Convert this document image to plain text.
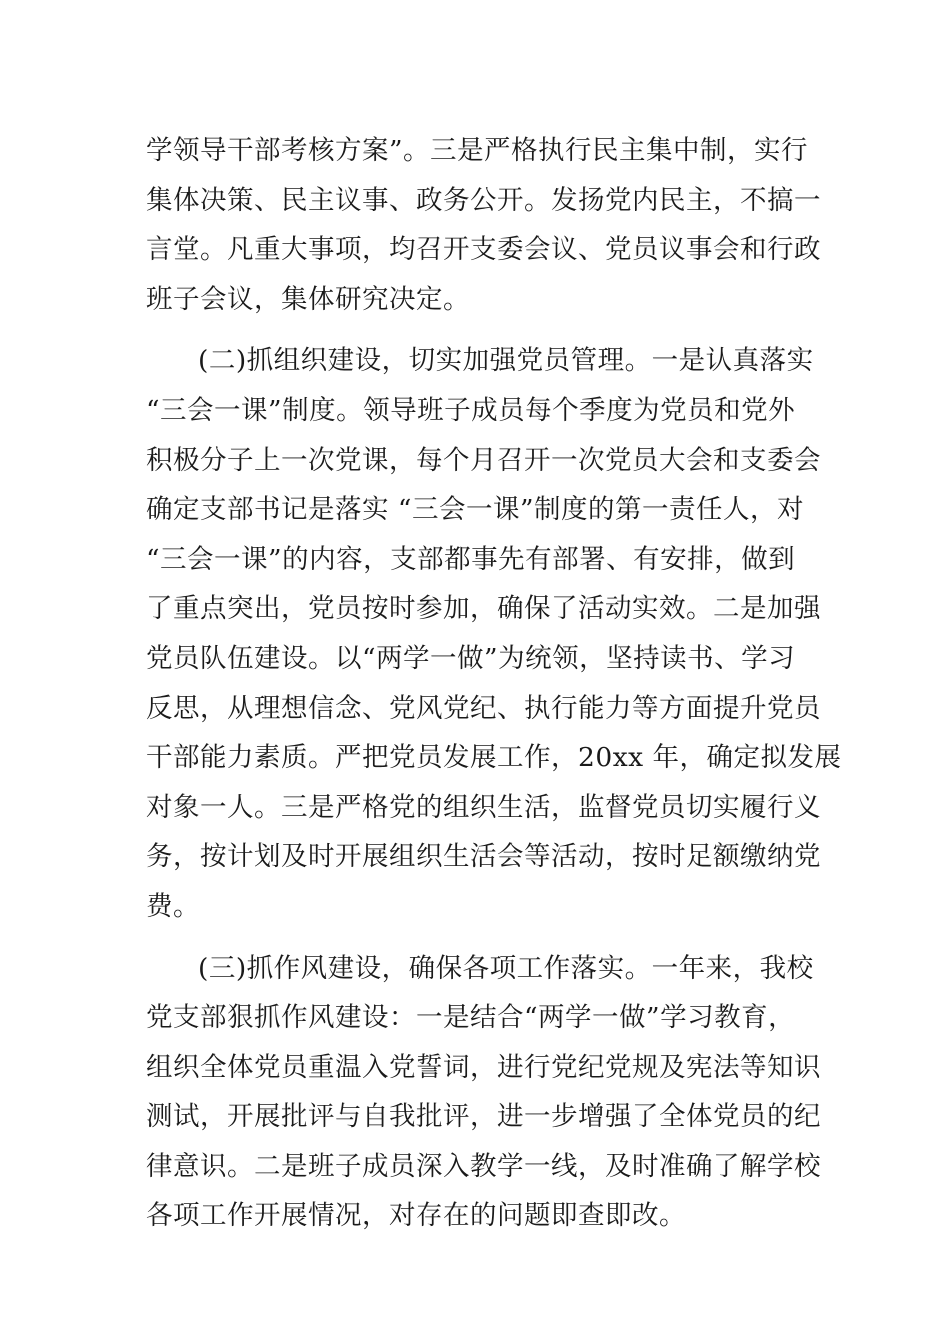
学领导干部考核方案”。三是严格执行民主集中制，实行
集体决策、民主议事、政务公开。发扬党内民主，不搞一
言堂。凡重大事项，均召开支委会议、党员议事会和行政
班子会议，集体研究决定。
(二)抓组织建设，切实加强党员管理。一是认真落实
“三会一课”制度。领导班子成员每个季度为党员和党外
积极分子上一次党课，每个月召开一次党员大会和支委会
确定支部书记是落实 “三会一课”制度的第一责任人，对
“三会一课”的内容，支部都事先有部署、有安排，做到
了重点突出，党员按时参加，确保了活动实效。二是加强
党员队伍建设。以“两学一做”为统领，坚持读书、学习
反思，从理想信念、党风党纪、执行能力等方面提升党员
干部能力素质。严把党员发展工作，20xx 年，确定拟发展
对象一人。三是严格党的组织生活，监督党员切实履行义
务，按计划及时开展组织生活会等活动，按时足额缴纳党
费。
(三)抓作风建设，确保各项工作落实。一年来，我校
党支部狠抓作风建设：一是结合“两学一做”学习教育，
组织全体党员重温入党誓词，进行党纪党规及宪法等知识
测试，开展批评与自我批评，进一步增强了全体党员的纪
律意识。二是班子成员深入教学一线，及时准确了解学校
各项工作开展情况，对存在的问题即查即改。
